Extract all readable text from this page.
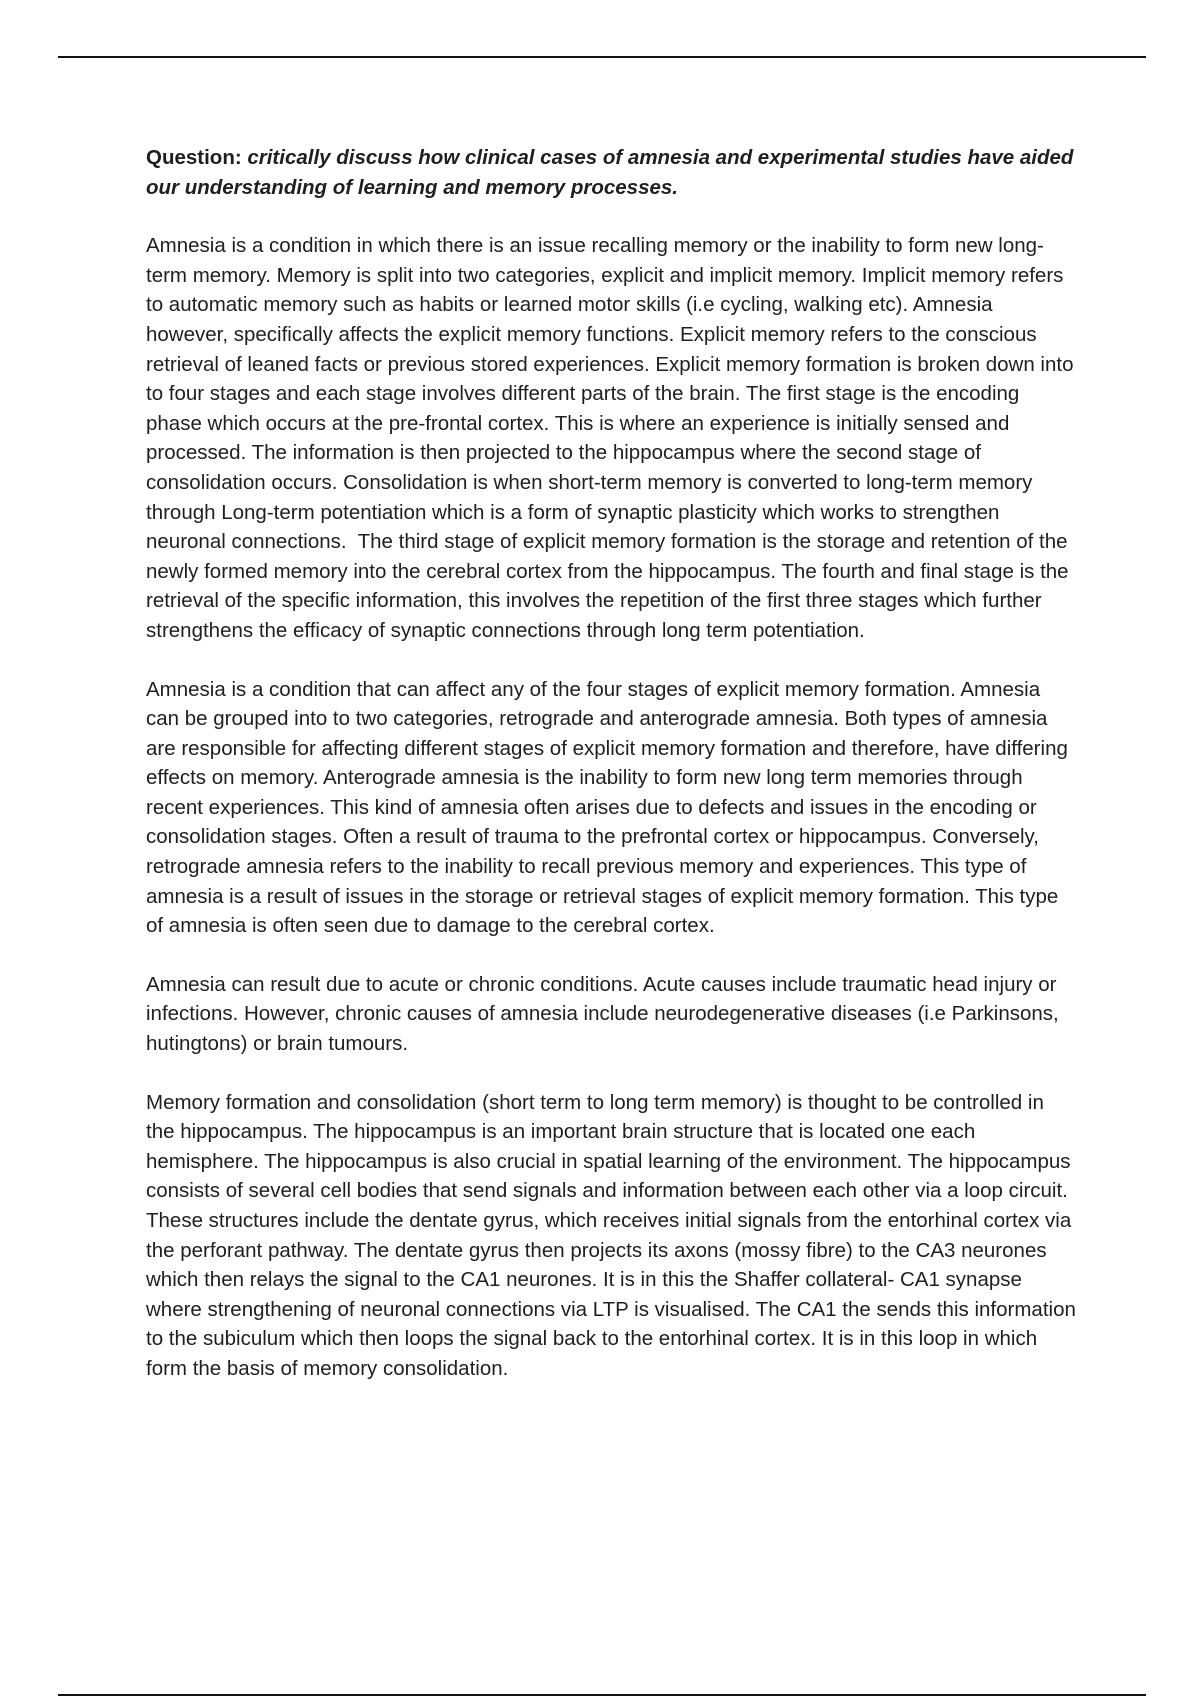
Question: critically discuss how clinical cases of amnesia and experimental studies have aided our understanding of learning and memory processes.

Amnesia is a condition in which there is an issue recalling memory or the inability to form new long-term memory. Memory is split into two categories, explicit and implicit memory. Implicit memory refers to automatic memory such as habits or learned motor skills (i.e cycling, walking etc). Amnesia however, specifically affects the explicit memory functions. Explicit memory refers to the conscious retrieval of leaned facts or previous stored experiences. Explicit memory formation is broken down into to four stages and each stage involves different parts of the brain. The first stage is the encoding phase which occurs at the pre-frontal cortex. This is where an experience is initially sensed and processed. The information is then projected to the hippocampus where the second stage of consolidation occurs. Consolidation is when short-term memory is converted to long-term memory through Long-term potentiation which is a form of synaptic plasticity which works to strengthen neuronal connections.  The third stage of explicit memory formation is the storage and retention of the newly formed memory into the cerebral cortex from the hippocampus. The fourth and final stage is the retrieval of the specific information, this involves the repetition of the first three stages which further strengthens the efficacy of synaptic connections through long term potentiation.

Amnesia is a condition that can affect any of the four stages of explicit memory formation. Amnesia can be grouped into to two categories, retrograde and anterograde amnesia. Both types of amnesia are responsible for affecting different stages of explicit memory formation and therefore, have differing effects on memory. Anterograde amnesia is the inability to form new long term memories through recent experiences. This kind of amnesia often arises due to defects and issues in the encoding or consolidation stages. Often a result of trauma to the prefrontal cortex or hippocampus. Conversely, retrograde amnesia refers to the inability to recall previous memory and experiences. This type of amnesia is a result of issues in the storage or retrieval stages of explicit memory formation. This type of amnesia is often seen due to damage to the cerebral cortex.

Amnesia can result due to acute or chronic conditions. Acute causes include traumatic head injury or infections. However, chronic causes of amnesia include neurodegenerative diseases (i.e Parkinsons, hutingtons) or brain tumours.

Memory formation and consolidation (short term to long term memory) is thought to be controlled in the hippocampus. The hippocampus is an important brain structure that is located one each hemisphere. The hippocampus is also crucial in spatial learning of the environment. The hippocampus consists of several cell bodies that send signals and information between each other via a loop circuit. These structures include the dentate gyrus, which receives initial signals from the entorhinal cortex via the perforant pathway. The dentate gyrus then projects its axons (mossy fibre) to the CA3 neurones which then relays the signal to the CA1 neurones. It is in this the Shaffer collateral- CA1 synapse where strengthening of neuronal connections via LTP is visualised. The CA1 the sends this information to the subiculum which then loops the signal back to the entorhinal cortex. It is in this loop in which form the basis of memory consolidation.
